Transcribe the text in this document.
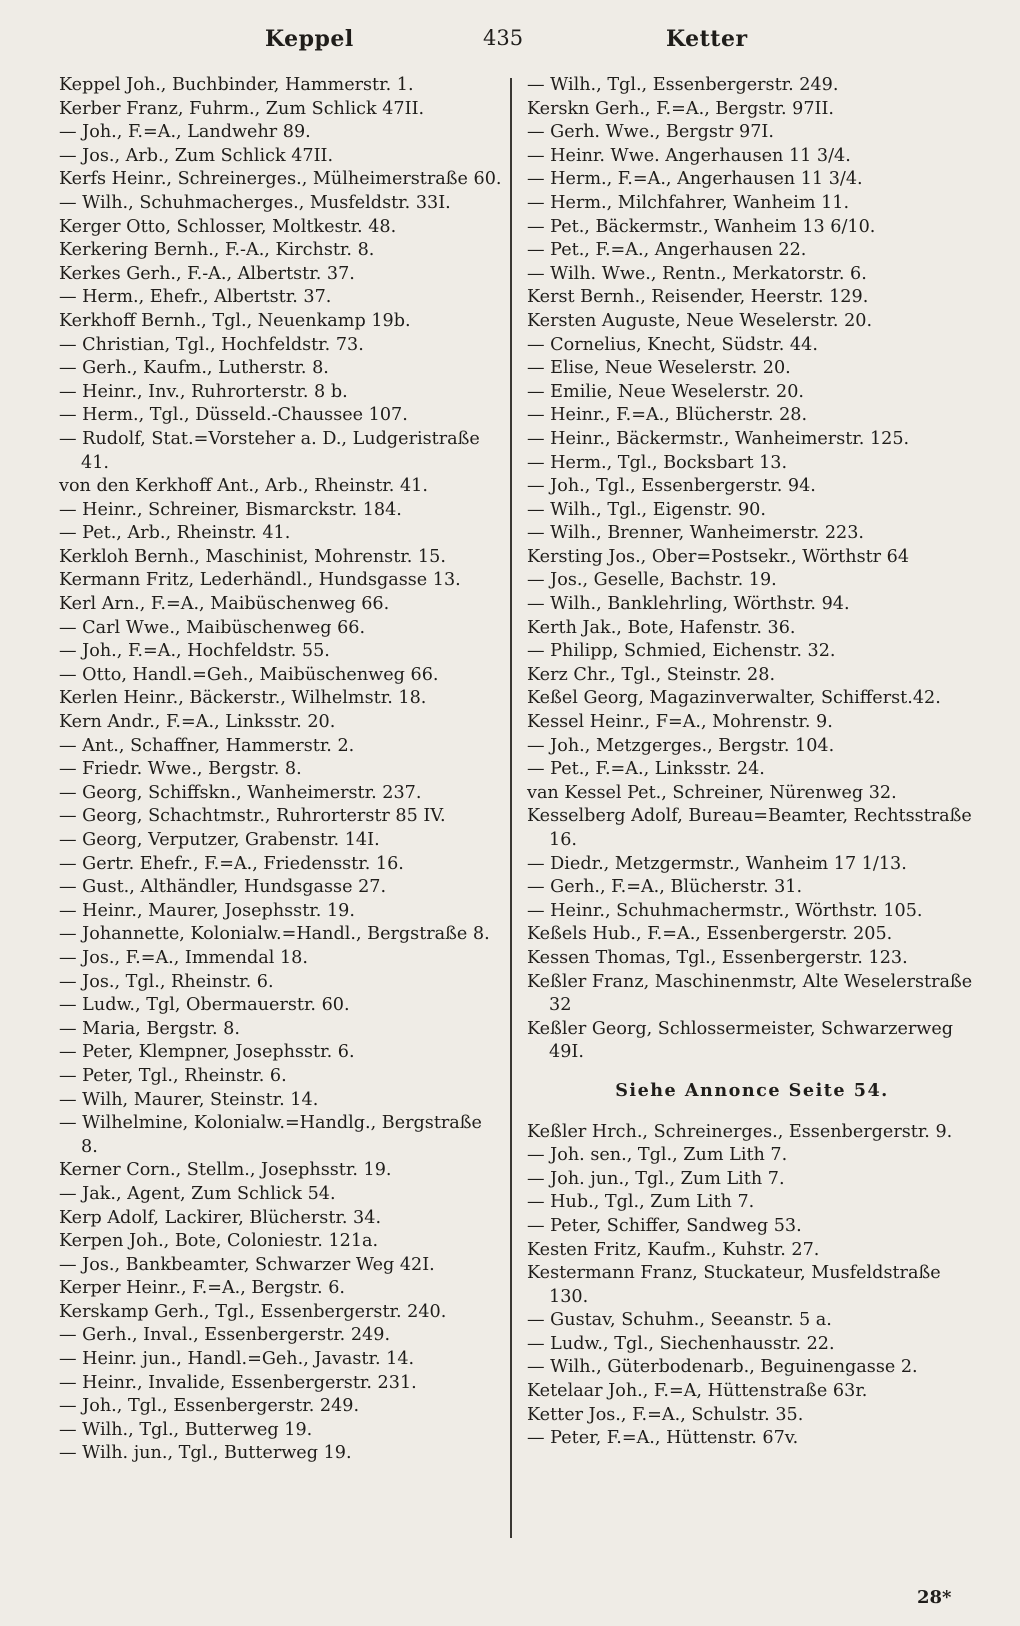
Keppel	435	Ketter

Keppel Joh., Buchbinder, Hammerstr. 1.

Kerber Franz, Fuhrm., Zum Schlick 47II.

— Joh., F.=A., Landwehr 89.

— Jos., Arb., Zum Schlick 47II.

Kerfs Heinr., Schreinerges., Mülheimerstraße 60.

— Wilh., Schuhmacherges., Musfeldstr. 33I.

Kerger Otto, Schlosser, Moltkestr. 48.

Kerkering Bernh., F.-A., Kirchstr. 8.

Kerkes Gerh., F.-A., Albertstr. 37.

— Herm., Ehefr., Albertstr. 37.

Kerkhoff Bernh., Tgl., Neuenkamp 19b.

— Christian, Tgl., Hochfeldstr. 73.

— Gerh., Kaufm., Lutherstr. 8.

— Heinr., Inv., Ruhrorterstr. 8 b.

— Herm., Tgl., Düsseld.-Chaussee 107.

— Rudolf, Stat.=Vorsteher a. D., Ludgeristraße 41.

von den Kerkhoff Ant., Arb., Rheinstr. 41.

— Heinr., Schreiner, Bismarckstr. 184.

— Pet., Arb., Rheinstr. 41.

Kerkloh Bernh., Maschinist, Mohrenstr. 15.

Kermann Fritz, Lederhändl., Hundsgasse 13.

Kerl Arn., F.=A., Maibüschenweg 66.

— Carl Wwe., Maibüschenweg 66.

— Joh., F.=A., Hochfeldstr. 55.

— Otto, Handl.=Geh., Maibüschenweg 66.

Kerlen Heinr., Bäckerstr., Wilhelmstr. 18.

Kern Andr., F.=A., Linksstr. 20.

— Ant., Schaffner, Hammerstr. 2.

— Friedr. Wwe., Bergstr. 8.

— Georg, Schiffskn., Wanheimerstr. 237.

— Georg, Schachtmstr., Ruhrorterstr 85 IV.

— Georg, Verputzer, Grabenstr. 14I.

— Gertr. Ehefr., F.=A., Friedensstr. 16.

— Gust., Althändler, Hundsgasse 27.

— Heinr., Maurer, Josephsstr. 19.

— Johannette, Kolonialw.=Handl., Bergstraße 8.

— Jos., F.=A., Immendal 18.

— Jos., Tgl., Rheinstr. 6.

— Ludw., Tgl, Obermauerstr. 60.

— Maria, Bergstr. 8.

— Peter, Klempner, Josephsstr. 6.

— Peter, Tgl., Rheinstr. 6.

— Wilh, Maurer, Steinstr. 14.

— Wilhelmine, Kolonialw.=Handlg., Bergstraße 8.

Kerner Corn., Stellm., Josephsstr. 19.

— Jak., Agent, Zum Schlick 54.

Kerp Adolf, Lackirer, Blücherstr. 34.

Kerpen Joh., Bote, Coloniestr. 121a.

— Jos., Bankbeamter, Schwarzer Weg 42I.

Kerper Heinr., F.=A., Bergstr. 6.

Kerskamp Gerh., Tgl., Essenbergerstr. 240.

— Gerh., Inval., Essenbergerstr. 249.

— Heinr. jun., Handl.=Geh., Javastr. 14.

— Heinr., Invalide, Essenbergerstr. 231.

— Joh., Tgl., Essenbergerstr. 249.

— Wilh., Tgl., Butterweg 19.

— Wilh. jun., Tgl., Butterweg 19.

— Wilh., Tgl., Essenbergerstr. 249.

Kerskn Gerh., F.=A., Bergstr. 97II.

— Gerh. Wwe., Bergstr 97I.

— Heinr. Wwe. Angerhausen 11 3/4.

— Herm., F.=A., Angerhausen 11 3/4.

— Herm., Milchfahrer, Wanheim 11.

— Pet., Bäckermstr., Wanheim 13 6/10.

— Pet., F.=A., Angerhausen 22.

— Wilh. Wwe., Rentn., Merkatorstr. 6.

Kerst Bernh., Reisender, Heerstr. 129.

Kersten Auguste, Neue Weselerstr. 20.

— Cornelius, Knecht, Südstr. 44.

— Elise, Neue Weselerstr. 20.

— Emilie, Neue Weselerstr. 20.

— Heinr., F.=A., Blücherstr. 28.

— Heinr., Bäckermstr., Wanheimerstr. 125.

— Herm., Tgl., Bocksbart 13.

— Joh., Tgl., Essenbergerstr. 94.

— Wilh., Tgl., Eigenstr. 90.

— Wilh., Brenner, Wanheimerstr. 223.

Kersting Jos., Ober=Postsekr., Wörthstr 64

— Jos., Geselle, Bachstr. 19.

— Wilh., Banklehrling, Wörthstr. 94.

Kerth Jak., Bote, Hafenstr. 36.

— Philipp, Schmied, Eichenstr. 32.

Kerz Chr., Tgl., Steinstr. 28.

Keßel Georg, Magazinverwalter, Schifferst.42.

Kessel Heinr., F=A., Mohrenstr. 9.

— Joh., Metzgerges., Bergstr. 104.

— Pet., F.=A., Linksstr. 24.

van Kessel Pet., Schreiner, Nürenweg 32.

Kesselberg Adolf, Bureau=Beamter, Rechtsstraße 16.

— Diedr., Metzgermstr., Wanheim 17 1/13.

— Gerh., F.=A., Blücherstr. 31.

— Heinr., Schuhmachermstr., Wörthstr. 105.

Keßels Hub., F.=A., Essenbergerstr. 205.

Kessen Thomas, Tgl., Essenbergerstr. 123.

Keßler Franz, Maschinenmstr, Alte Weselerstraße 32

Keßler Georg, Schlossermeister, Schwarzerweg 49I.

Siehe Annonce Seite 54.

Keßler Hrch., Schreinerges., Essenbergerstr. 9.

— Joh. sen., Tgl., Zum Lith 7.

— Joh. jun., Tgl., Zum Lith 7.

— Hub., Tgl., Zum Lith 7.

— Peter, Schiffer, Sandweg 53.

Kesten Fritz, Kaufm., Kuhstr. 27.

Kestermann Franz, Stuckateur, Musfeldstraße 130.

— Gustav, Schuhm., Seeanstr. 5 a.

— Ludw., Tgl., Siechenhausstr. 22.

— Wilh., Güterbodenarb., Beguinengasse 2.

Ketelaar Joh., F.=A, Hüttenstraße 63r.

Ketter Jos., F.=A., Schulstr. 35.

— Peter, F.=A., Hüttenstr. 67v.

28*
